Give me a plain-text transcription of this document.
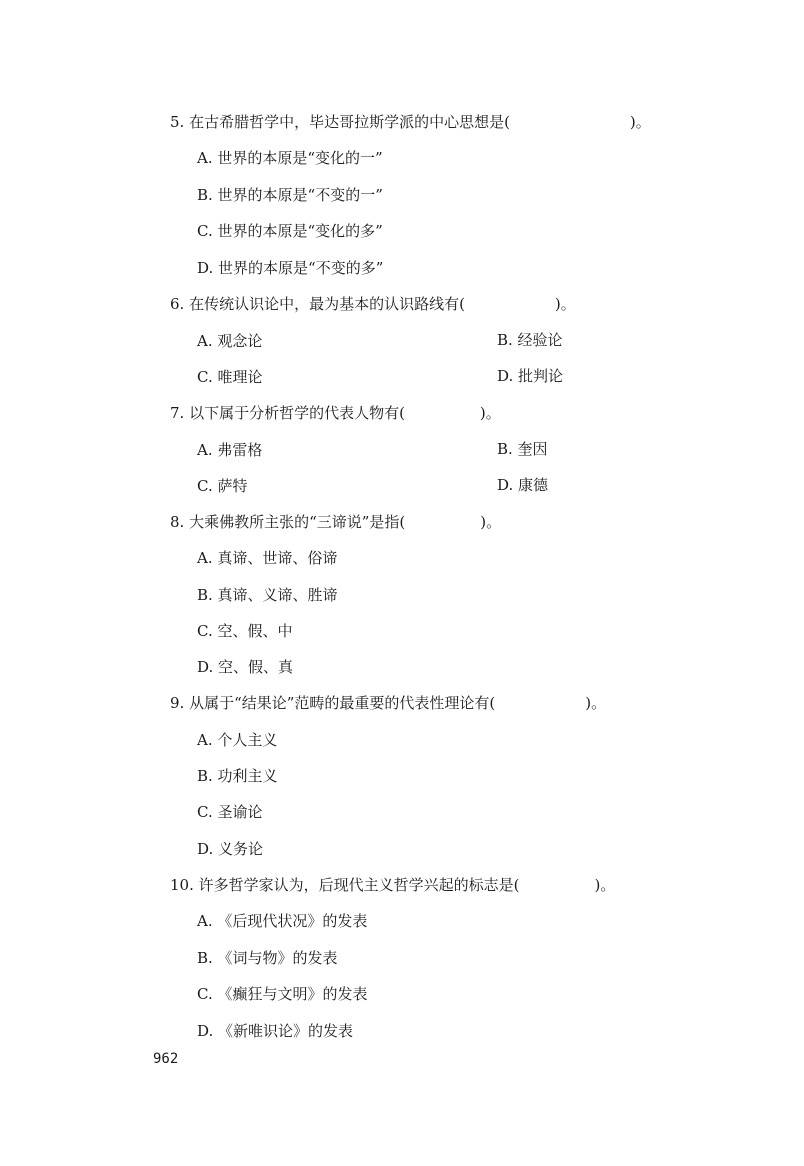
5. 在古希腊哲学中，毕达哥拉斯学派的中心思想是(　　　　　　　　)。
A. 世界的本原是“变化的一”
B. 世界的本原是“不变的一”
C. 世界的本原是“变化的多”
D. 世界的本原是“不变的多”
6. 在传统认识论中，最为基本的认识路线有(　　　　　　)。
A. 观念论	B. 经验论
C. 唯理论	D. 批判论
7. 以下属于分析哲学的代表人物有(　　　　　)。
A. 弗雷格	B. 奎因
C. 萨特	D. 康德
8. 大乘佛教所主张的“三谛说”是指(　　　　　)。
A. 真谛、世谛、俗谛
B. 真谛、义谛、胜谛
C. 空、假、中
D. 空、假、真
9. 从属于“结果论”范畴的最重要的代表性理论有(　　　　　　)。
A. 个人主义
B. 功利主义
C. 圣谕论
D. 义务论
10. 许多哲学家认为，后现代主义哲学兴起的标志是(　　　　　)。
A. 《后现代状况》的发表
B. 《词与物》的发表
C. 《癫狂与文明》的发表
D. 《新唯识论》的发表
962
